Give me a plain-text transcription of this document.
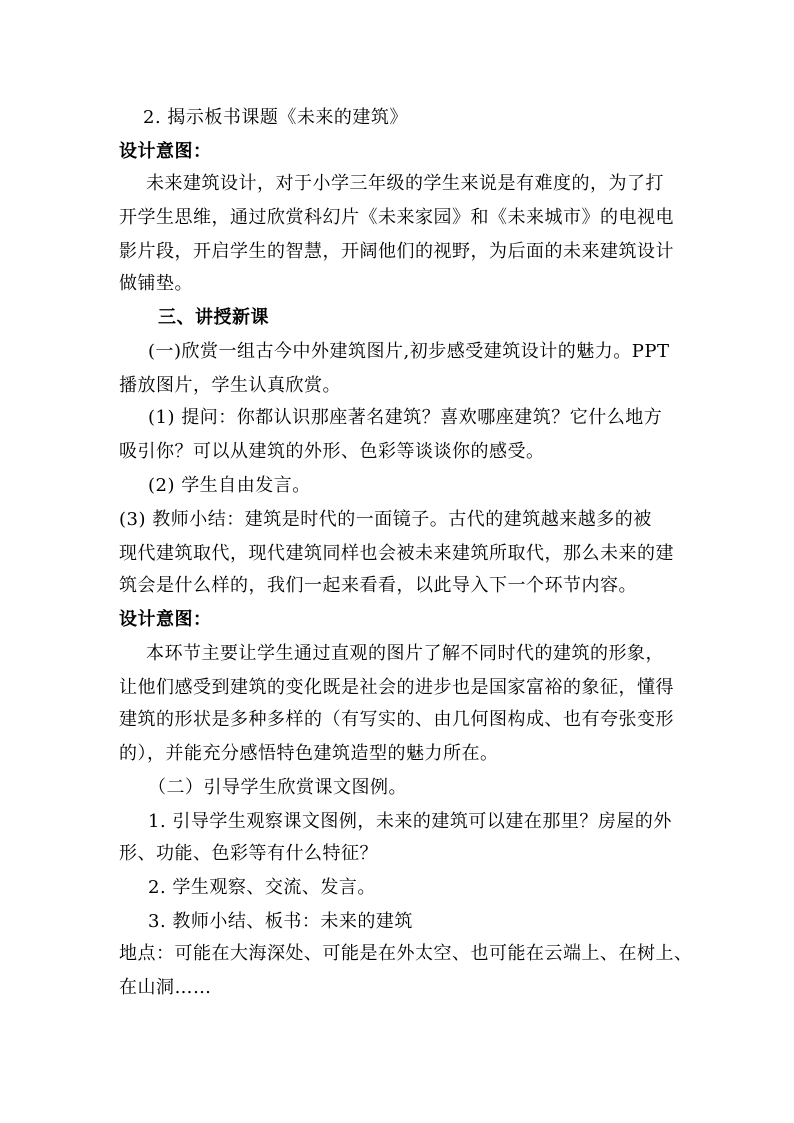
2. 揭示板书课题《未来的建筑》
设计意图：
未来建筑设计，对于小学三年级的学生来说是有难度的，为了打
开学生思维，通过欣赏科幻片《未来家园》和《未来城市》的电视电
影片段，开启学生的智慧，开阔他们的视野，为后面的未来建筑设计
做铺垫。
三、讲授新课
(一)欣赏一组古今中外建筑图片,初步感受建筑设计的魅力。PPT
播放图片，学生认真欣赏。
(1) 提问：你都认识那座著名建筑？喜欢哪座建筑？它什么地方
吸引你？可以从建筑的外形、色彩等谈谈你的感受。
(2) 学生自由发言。
(3) 教师小结：建筑是时代的一面镜子。古代的建筑越来越多的被
现代建筑取代，现代建筑同样也会被未来建筑所取代，那么未来的建
筑会是什么样的，我们一起来看看，以此导入下一个环节内容。
设计意图：
本环节主要让学生通过直观的图片了解不同时代的建筑的形象，
让他们感受到建筑的变化既是社会的进步也是国家富裕的象征，懂得
建筑的形状是多种多样的（有写实的、由几何图构成、也有夸张变形
的），并能充分感悟特色建筑造型的魅力所在。
（二）引导学生欣赏课文图例。
1. 引导学生观察课文图例，未来的建筑可以建在那里？房屋的外
形、功能、色彩等有什么特征？
2. 学生观察、交流、发言。
3. 教师小结、板书：未来的建筑
地点：可能在大海深处、可能是在外太空、也可能在云端上、在树上、
在山洞……
